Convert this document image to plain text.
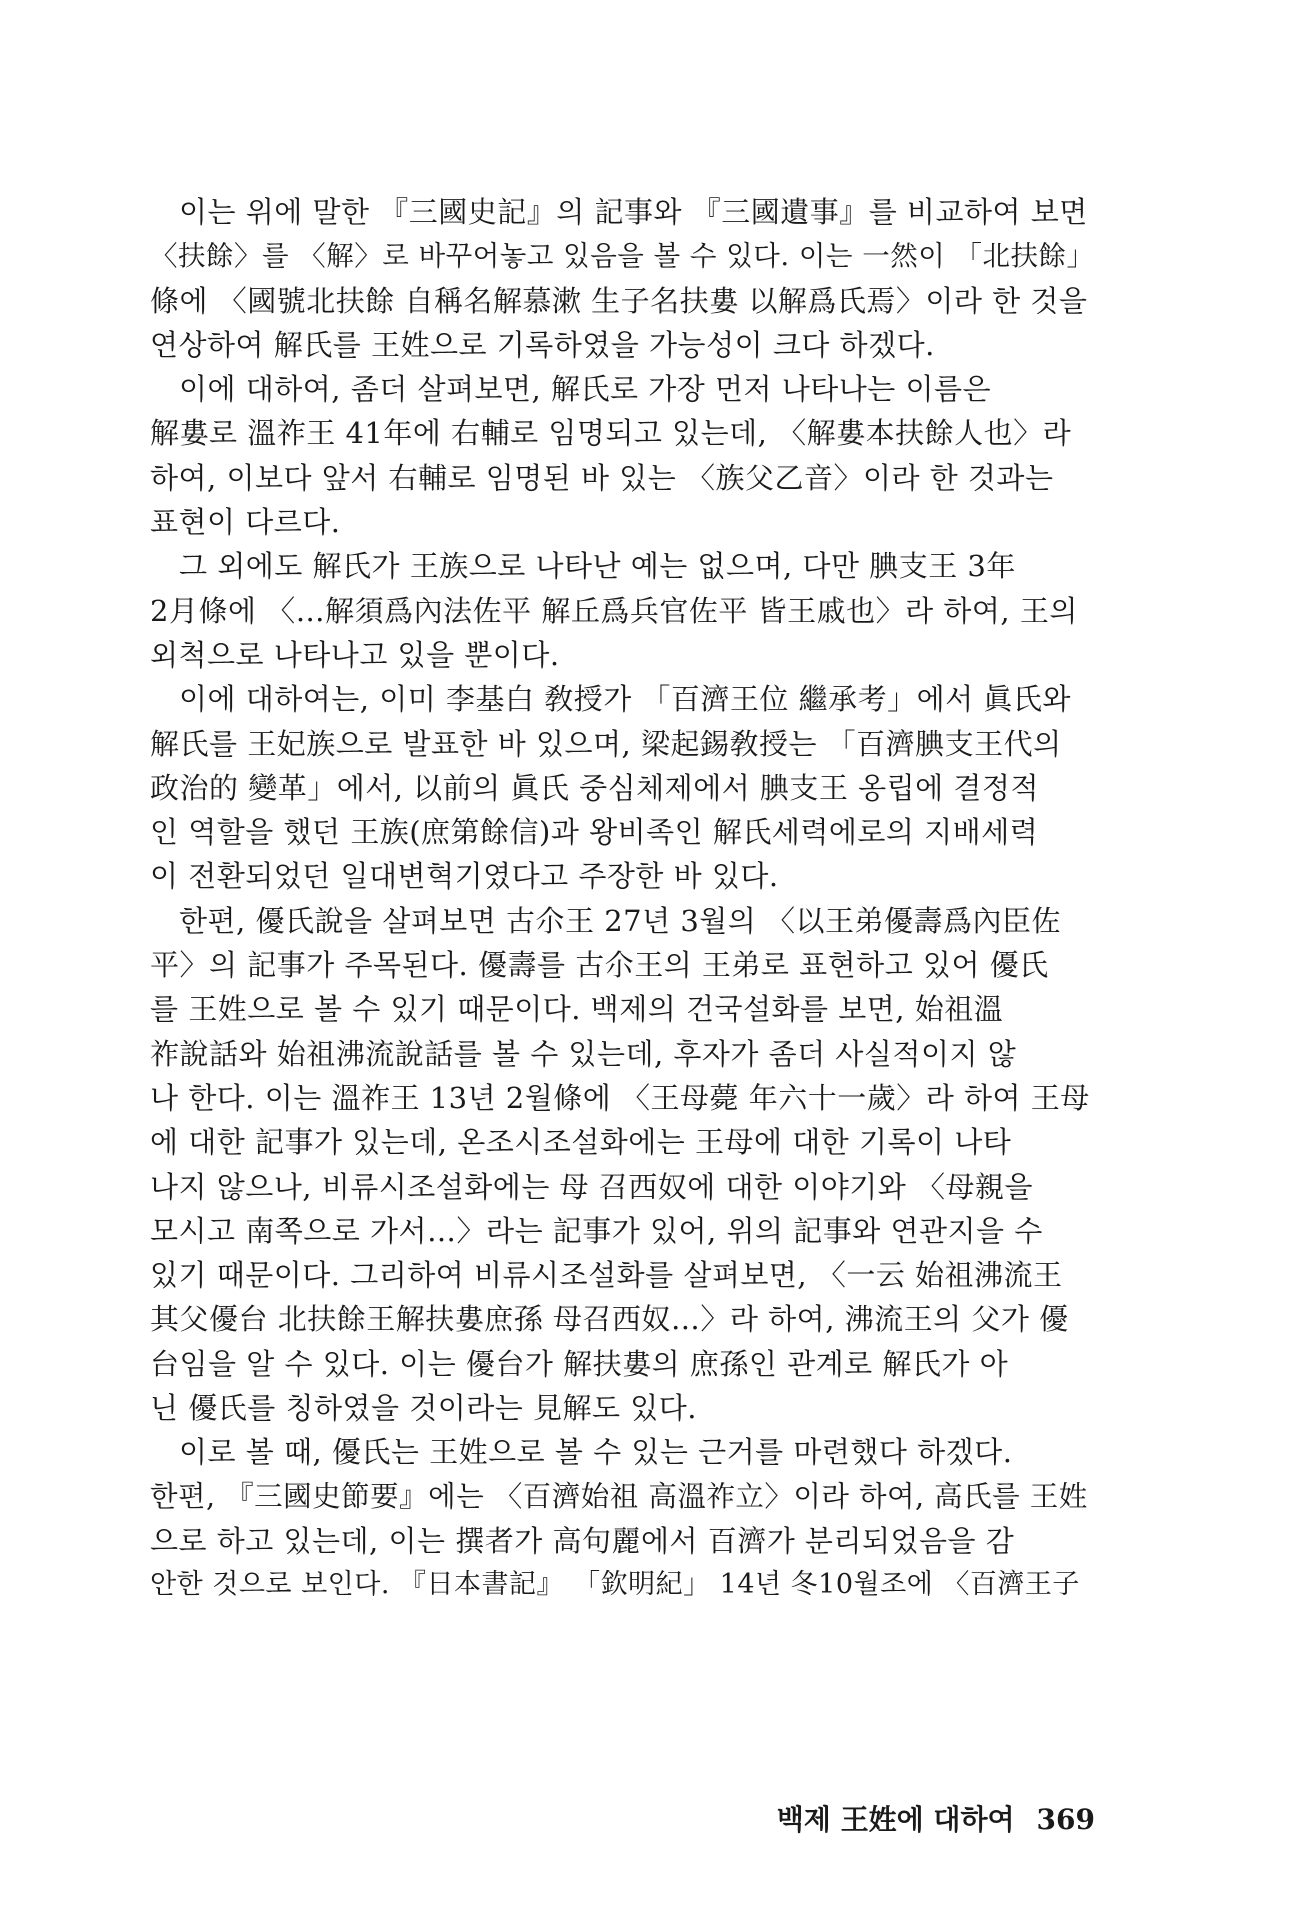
이는 위에 말한 『三國史記』의 記事와 『三國遺事』를 비교하여 보면
〈扶餘〉를 〈解〉로 바꾸어놓고 있음을 볼 수 있다. 이는 一然이 「北扶餘」
條에 〈國號北扶餘 自稱名解慕漱 生子名扶婁 以解爲氏焉〉이라 한 것을
연상하여 解氏를 王姓으로 기록하였을 가능성이 크다 하겠다.
이에 대하여, 좀더 살펴보면, 解氏로 가장 먼저 나타나는 이름은
解婁로 溫祚王 41年에 右輔로 임명되고 있는데, 〈解婁本扶餘人也〉라
하여, 이보다 앞서 右輔로 임명된 바 있는 〈族父乙音〉이라 한 것과는
표현이 다르다.
그 외에도 解氏가 王族으로 나타난 예는 없으며, 다만 腆支王 3年
2月條에 〈…解須爲內法佐平 解丘爲兵官佐平 皆王戚也〉라 하여, 王의
외척으로 나타나고 있을 뿐이다.
이에 대하여는, 이미 李基白 敎授가 「百濟王位 繼承考」에서 眞氏와
解氏를 王妃族으로 발표한 바 있으며, 梁起錫敎授는 「百濟腆支王代의
政治的 變革」에서, 以前의 眞氏 중심체제에서 腆支王 옹립에 결정적
인 역할을 했던 王族(庶第餘信)과 왕비족인 解氏세력에로의 지배세력
이 전환되었던 일대변혁기였다고 주장한 바 있다.
한편, 優氏說을 살펴보면 古尒王 27년 3월의 〈以王弟優壽爲內臣佐
平〉의 記事가 주목된다. 優壽를 古尒王의 王弟로 표현하고 있어 優氏
를 王姓으로 볼 수 있기 때문이다. 백제의 건국설화를 보면, 始祖溫
祚說話와 始祖沸流說話를 볼 수 있는데, 후자가 좀더 사실적이지 않
나 한다. 이는 溫祚王 13년 2월條에 〈王母薨 年六十一歲〉라 하여 王母
에 대한 記事가 있는데, 온조시조설화에는 王母에 대한 기록이 나타
나지 않으나, 비류시조설화에는 母 召西奴에 대한 이야기와 〈母親을
모시고 南쪽으로 가서…〉라는 記事가 있어, 위의 記事와 연관지을 수
있기 때문이다. 그리하여 비류시조설화를 살펴보면, 〈一云 始祖沸流王
其父優台 北扶餘王解扶婁庶孫 母召西奴…〉라 하여, 沸流王의 父가 優
台임을 알 수 있다. 이는 優台가 解扶婁의 庶孫인 관계로 解氏가 아
닌 優氏를 칭하였을 것이라는 見解도 있다.
이로 볼 때, 優氏는 王姓으로 볼 수 있는 근거를 마련했다 하겠다.
한편, 『三國史節要』에는 〈百濟始祖 高溫祚立〉이라 하여, 高氏를 王姓
으로 하고 있는데, 이는 撰者가 高句麗에서 百濟가 분리되었음을 감
안한 것으로 보인다. 『日本書記』 「欽明紀」 14년 冬10월조에 〈百濟王子
백제 王姓에 대하여 369
